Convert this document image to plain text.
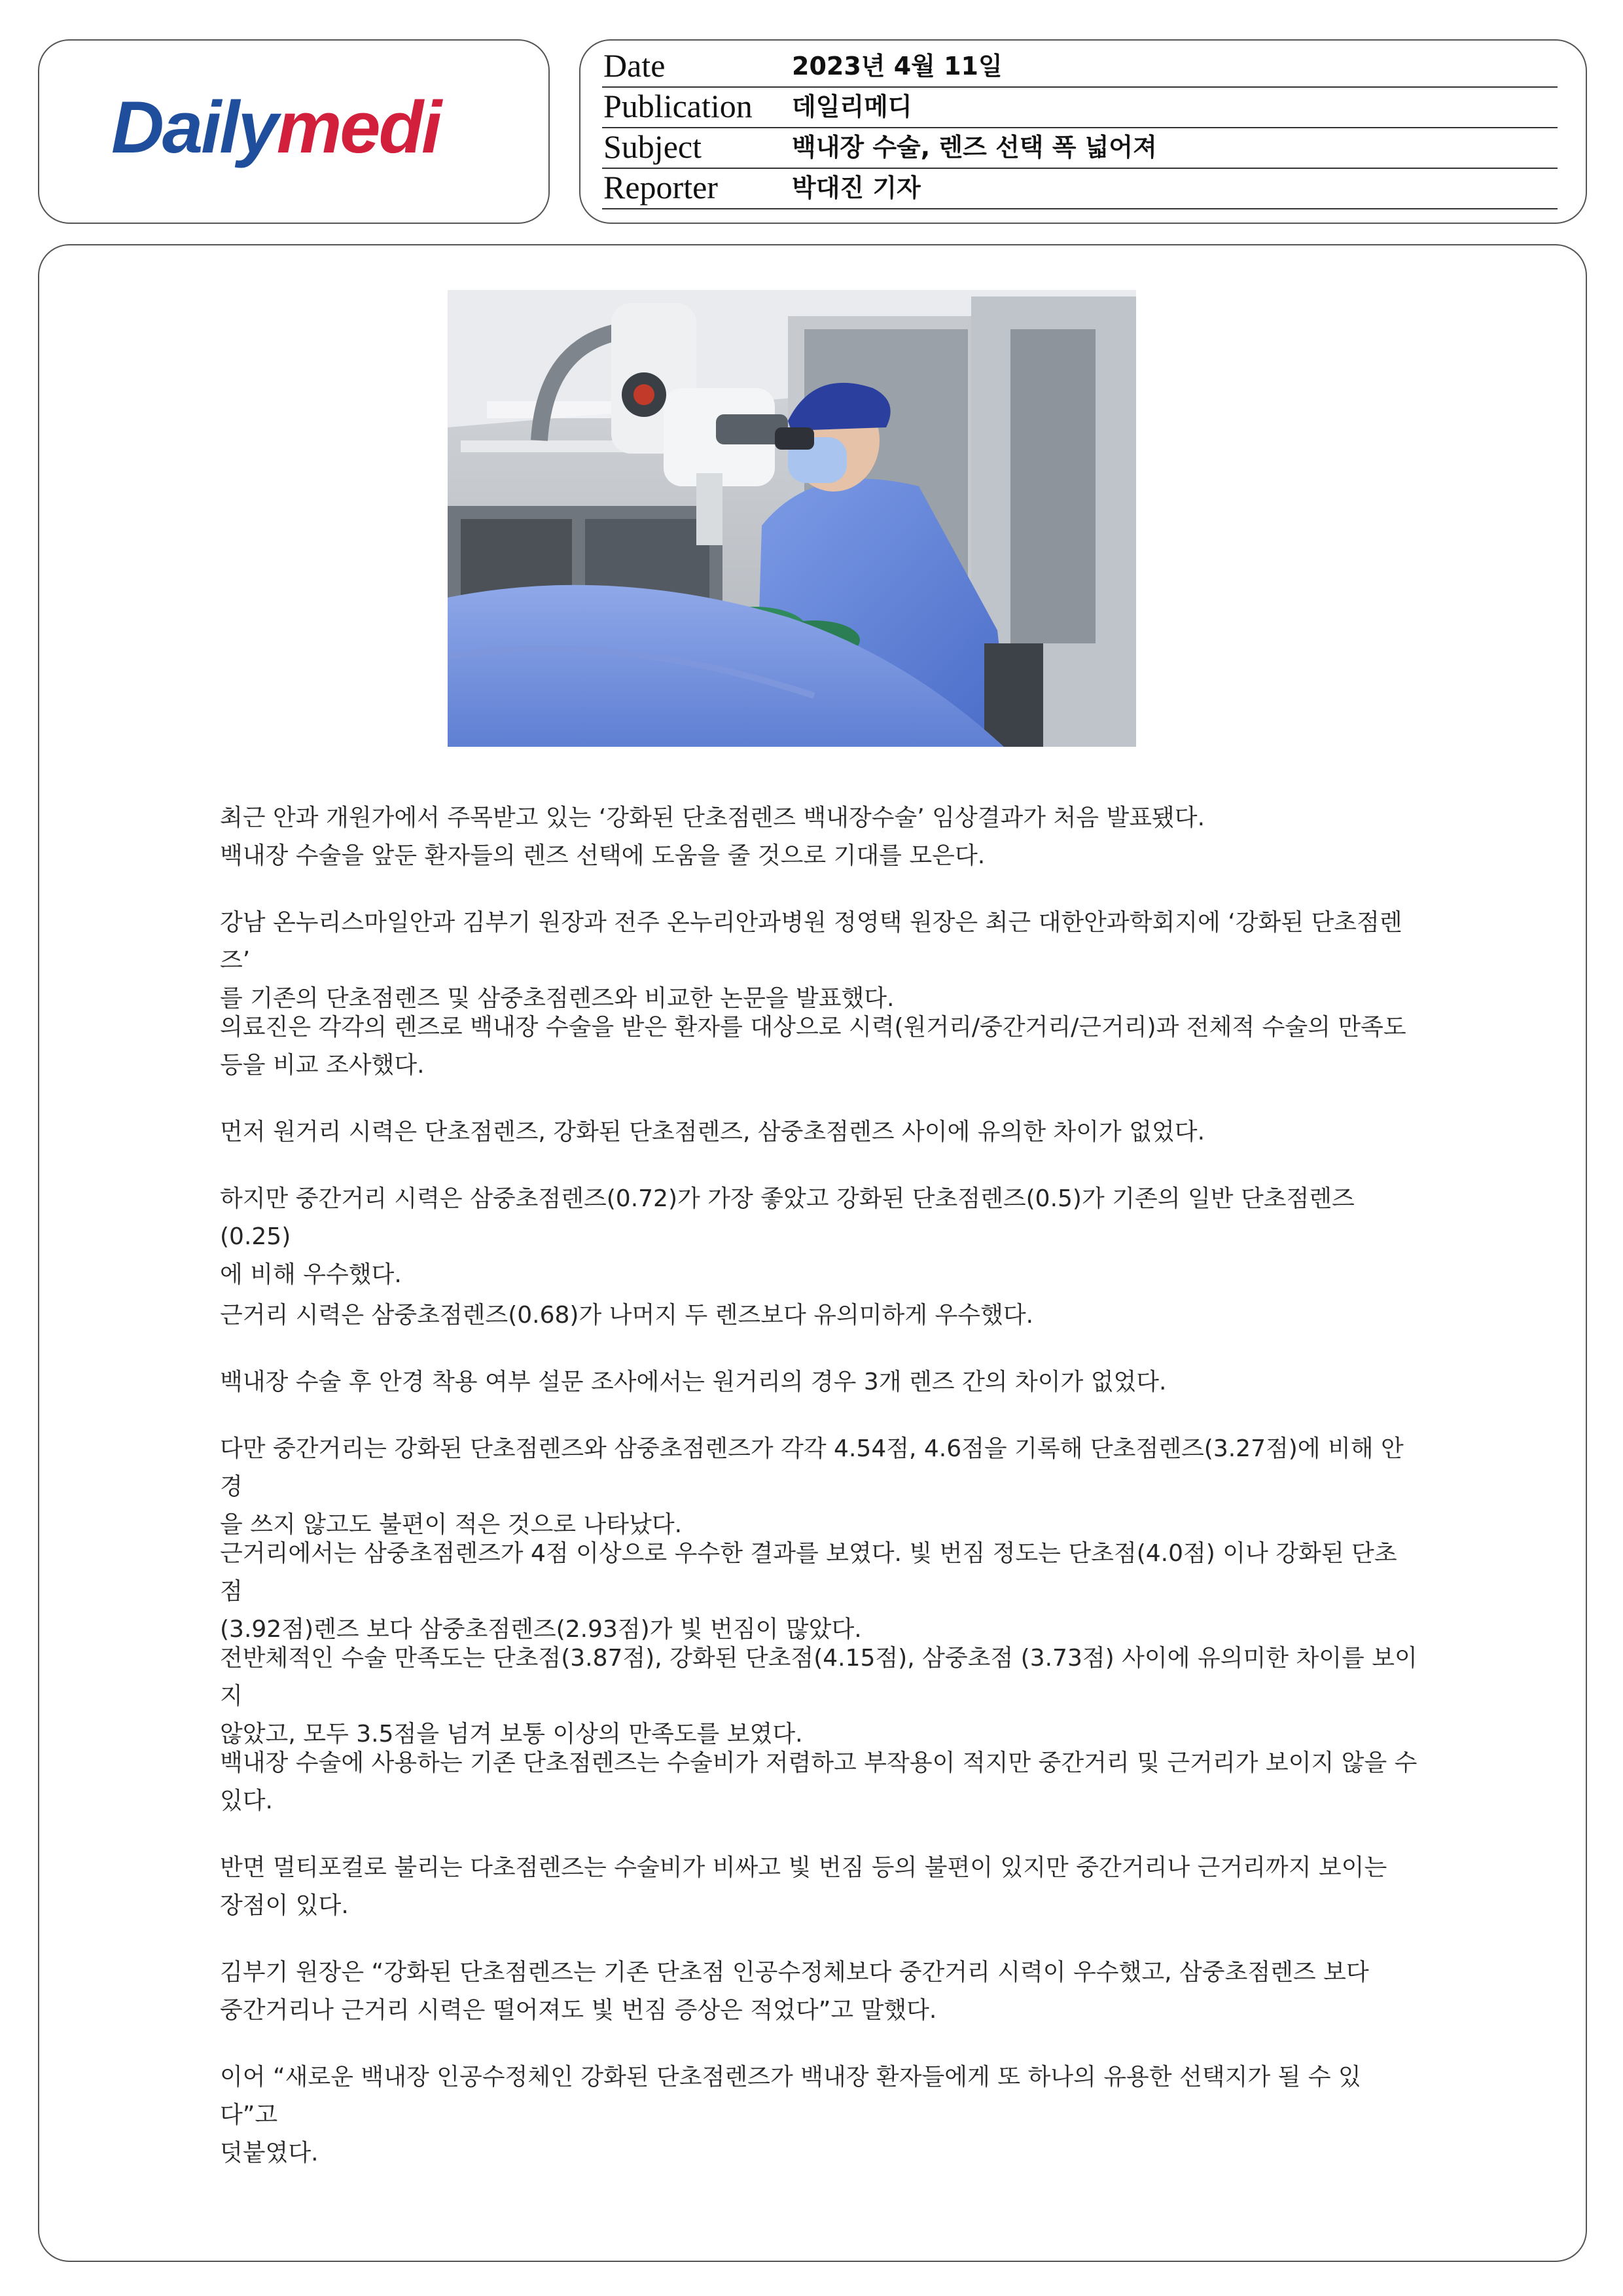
Dailymedi
Date	2023년 4월 11일
Publication 데일리메디
Subject	백내장 수술, 렌즈 선택 폭 넓어져
Reporter	박대진 기자

최근 안과 개원가에서 주목받고 있는 ‘강화된 단초점렌즈 백내장수술’ 임상결과가 처음 발표됐다.
백내장 수술을 앞둔 환자들의 렌즈 선택에 도움을 줄 것으로 기대를 모은다.

강남 온누리스마일안과 김부기 원장과 전주 온누리안과병원 정영택 원장은 최근 대한안과학회지에 ‘강화된 단초점렌즈’
를 기존의 단초점렌즈 및 삼중초점렌즈와 비교한 논문을 발표했다.

의료진은 각각의 렌즈로 백내장 수술을 받은 환자를 대상으로 시력(원거리/중간거리/근거리)과 전체적 수술의 만족도
등을 비교 조사했다.

먼저 원거리 시력은 단초점렌즈, 강화된 단초점렌즈, 삼중초점렌즈 사이에 유의한 차이가 없었다.

하지만 중간거리 시력은 삼중초점렌즈(0.72)가 가장 좋았고 강화된 단초점렌즈(0.5)가 기존의 일반 단초점렌즈(0.25)
에 비해 우수했다.

근거리 시력은 삼중초점렌즈(0.68)가 나머지 두 렌즈보다 유의미하게 우수했다.

백내장 수술 후 안경 착용 여부 설문 조사에서는 원거리의 경우 3개 렌즈 간의 차이가 없었다.

다만 중간거리는 강화된 단초점렌즈와 삼중초점렌즈가 각각 4.54점, 4.6점을 기록해 단초점렌즈(3.27점)에 비해 안경
을 쓰지 않고도 불편이 적은 것으로 나타났다.

근거리에서는 삼중초점렌즈가 4점 이상으로 우수한 결과를 보였다. 빛 번짐 정도는 단초점(4.0점) 이나 강화된 단초점
(3.92점)렌즈 보다 삼중초점렌즈(2.93점)가 빛 번짐이 많았다.

전반체적인 수술 만족도는 단초점(3.87점), 강화된 단초점(4.15점), 삼중초점 (3.73점) 사이에 유의미한 차이를 보이지
않았고, 모두 3.5점을 넘겨 보통 이상의 만족도를 보였다.

백내장 수술에 사용하는 기존 단초점렌즈는 수술비가 저렴하고 부작용이 적지만 중간거리 및 근거리가 보이지 않을 수
있다.

반면 멀티포컬로 불리는 다초점렌즈는 수술비가 비싸고 빛 번짐 등의 불편이 있지만 중간거리나 근거리까지 보이는
장점이 있다.

김부기 원장은 “강화된 단초점렌즈는 기존 단초점 인공수정체보다 중간거리 시력이 우수했고, 삼중초점렌즈 보다
중간거리나 근거리 시력은 떨어져도 빛 번짐 증상은 적었다”고 말했다.

이어 “새로운 백내장 인공수정체인 강화된 단초점렌즈가 백내장 환자들에게 또 하나의 유용한 선택지가 될 수 있다”고
덧붙였다.
